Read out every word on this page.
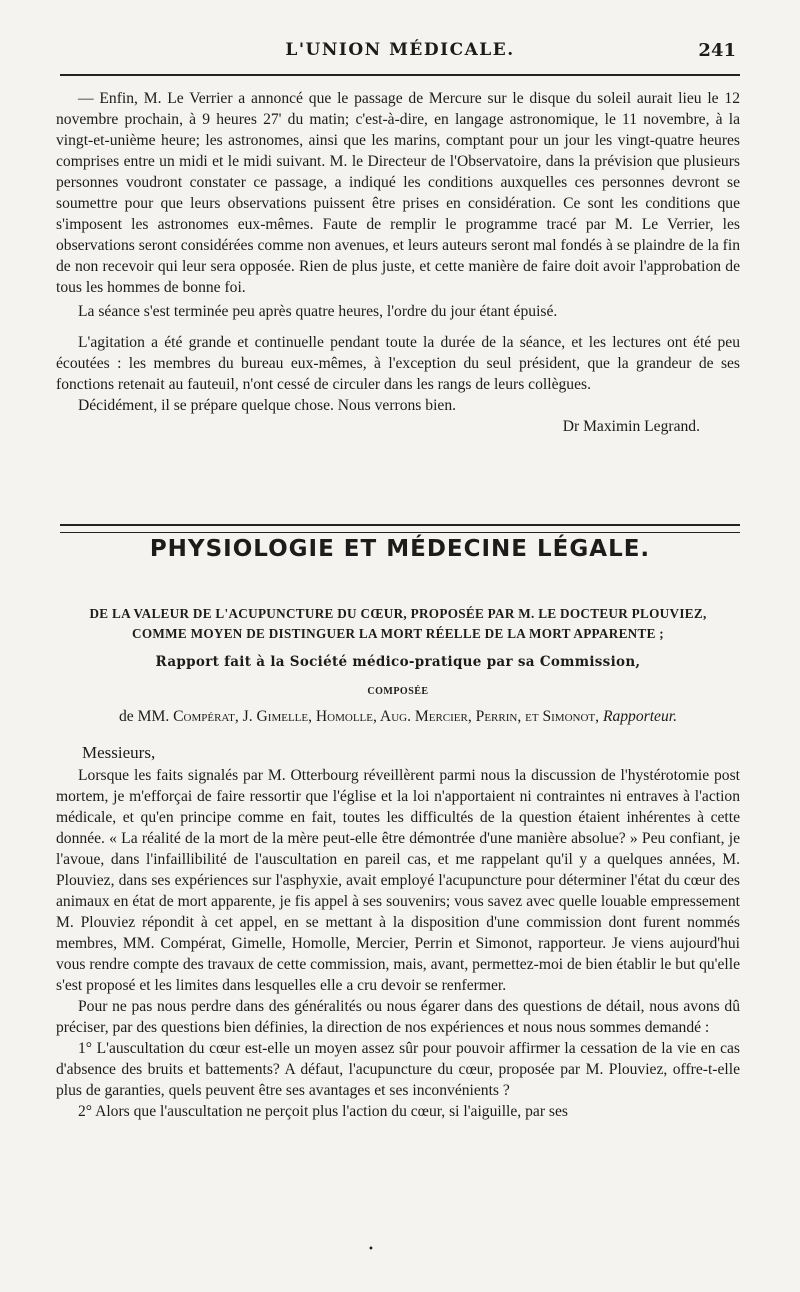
L'UNION MÉDICALE.	241

— Enfin, M. Le Verrier a annoncé que le passage de Mercure sur le disque du soleil aurait lieu le 12 novembre prochain, à 9 heures 27' du matin; c'est-à-dire, en langage astronomique, le 11 novembre, à la vingt-et-unième heure; les astronomes, ainsi que les marins, comptant pour un jour les vingt-quatre heures comprises entre un midi et le midi suivant. M. le Directeur de l'Observatoire, dans la prévision que plusieurs personnes voudront constater ce passage, a indiqué les conditions auxquelles ces personnes devront se soumettre pour que leurs observations puissent être prises en considération. Ce sont les conditions que s'imposent les astronomes eux-mêmes. Faute de remplir le programme tracé par M. Le Verrier, les observations seront considérées comme non avenues, et leurs auteurs seront mal fondés à se plaindre de la fin de non recevoir qui leur sera opposée. Rien de plus juste, et cette manière de faire doit avoir l'approbation de tous les hommes de bonne foi.

La séance s'est terminée peu après quatre heures, l'ordre du jour étant épuisé.

L'agitation a été grande et continuelle pendant toute la durée de la séance, et les lectures ont été peu écoutées : les membres du bureau eux-mêmes, à l'exception du seul président, que la grandeur de ses fonctions retenait au fauteuil, n'ont cessé de circuler dans les rangs de leurs collègues.

Décidément, il se prépare quelque chose. Nous verrons bien.

Dr Maximin Legrand.

PHYSIOLOGIE ET MÉDECINE LÉGALE.
DE LA VALEUR DE L'ACUPUNCTURE DU CŒUR, PROPOSÉE PAR M. LE DOCTEUR PLOUVIEZ,
COMME MOYEN DE DISTINGUER LA MORT RÉELLE DE LA MORT APPARENTE ;
Rapport fait à la Société médico-pratique par sa Commission,
COMPOSÉE
de MM. Compérat, J. Gimelle, Homolle, Aug. Mercier, Perrin, et Simonot, Rapporteur.

Messieurs,

Lorsque les faits signalés par M. Otterbourg réveillèrent parmi nous la discussion de l'hystérotomie post mortem, je m'efforçai de faire ressortir que l'église et la loi n'apportaient ni contraintes ni entraves à l'action médicale, et qu'en principe comme en fait, toutes les difficultés de la question étaient inhérentes à cette donnée. « La réalité de la mort de la mère peut-elle être démontrée d'une manière absolue? » Peu confiant, je l'avoue, dans l'infaillibilité de l'auscultation en pareil cas, et me rappelant qu'il y a quelques années, M. Plouviez, dans ses expériences sur l'asphyxie, avait employé l'acupuncture pour déterminer l'état du cœur des animaux en état de mort apparente, je fis appel à ses souvenirs; vous savez avec quelle louable empressement M. Plouviez répondit à cet appel, en se mettant à la disposition d'une commission dont furent nommés membres, MM. Compérat, Gimelle, Homolle, Mercier, Perrin et Simonot, rapporteur. Je viens aujourd'hui vous rendre compte des travaux de cette commission, mais, avant, permettez-moi de bien établir le but qu'elle s'est proposé et les limites dans lesquelles elle a cru devoir se renfermer.

Pour ne pas nous perdre dans des généralités ou nous égarer dans des questions de détail, nous avons dû préciser, par des questions bien définies, la direction de nos expériences et nous nous sommes demandé :

1° L'auscultation du cœur est-elle un moyen assez sûr pour pouvoir affirmer la cessation de la vie en cas d'absence des bruits et battements? A défaut, l'acupuncture du cœur, proposée par M. Plouviez, offre-t-elle plus de garanties, quels peuvent être ses avantages et ses inconvénients ?

2° Alors que l'auscultation ne perçoit plus l'action du cœur, si l'aiguille, par ses

•
